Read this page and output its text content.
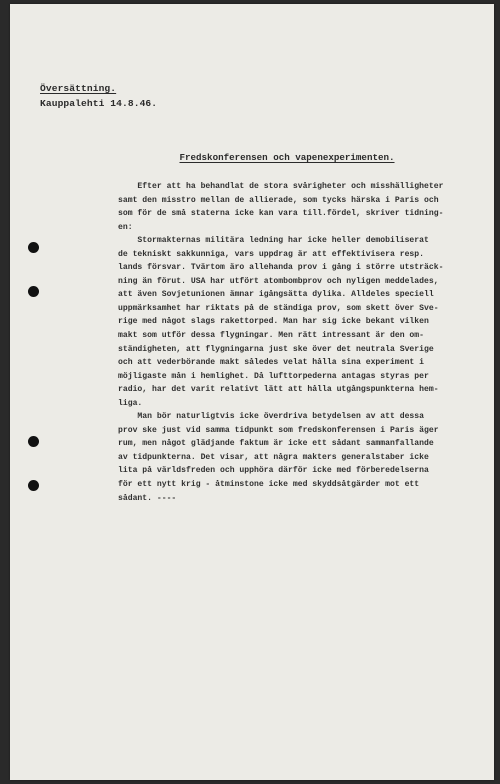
Översättning.
Kauppalehti 14.8.46.
Fredskonferensen och vapenexperimenten.
Efter att ha behandlat de stora svårigheter och misshälligheter
samt den misstro mellan de allierade, som tycks härska i Paris och
som för de små staterna icke kan vara till.fördel, skriver tidning-
en:
Stormakternas militära ledning har icke heller demobiliserat
de tekniskt sakkunniga, vars uppdrag är att effektivisera resp.
lands försvar. Tvärtom äro allehanda prov i gång i större utsträck-
ning än förut. USA har utfört atombombprov och nyligen meddelades,
att även Sovjetunionen ämnar igångsätta dylika. Alldeles speciell
uppmärksamhet har riktats på de ständiga prov, som skett över Sve-
rige med något slags rakettorped. Man har sig icke bekant vilken
makt som utför dessa flygningar. Men rätt intressant är den om-
ständigheten, att flygningarna just ske över det neutrala Sverige
och att vederbörande makt således velat hålla sina experiment i
möjligaste mån i hemlighet. Då lufttorpederna antagas styras per
radio, har det varit relativt lätt att hålla utgångspunkterna hem-
liga.
Man bör naturligtvis icke överdriva betydelsen av att dessa
prov ske just vid samma tidpunkt som fredskonferensen i Paris äger
rum, men något glädjande faktum är icke ett sådant sammanfallande
av tidpunkterna. Det visar, att några makters generalstaber icke
lita på världsfreden och upphöra därför icke med förberedelserna
för ett nytt krig - åtminstone icke med skyddsåtgärder mot ett
sådant. ----
